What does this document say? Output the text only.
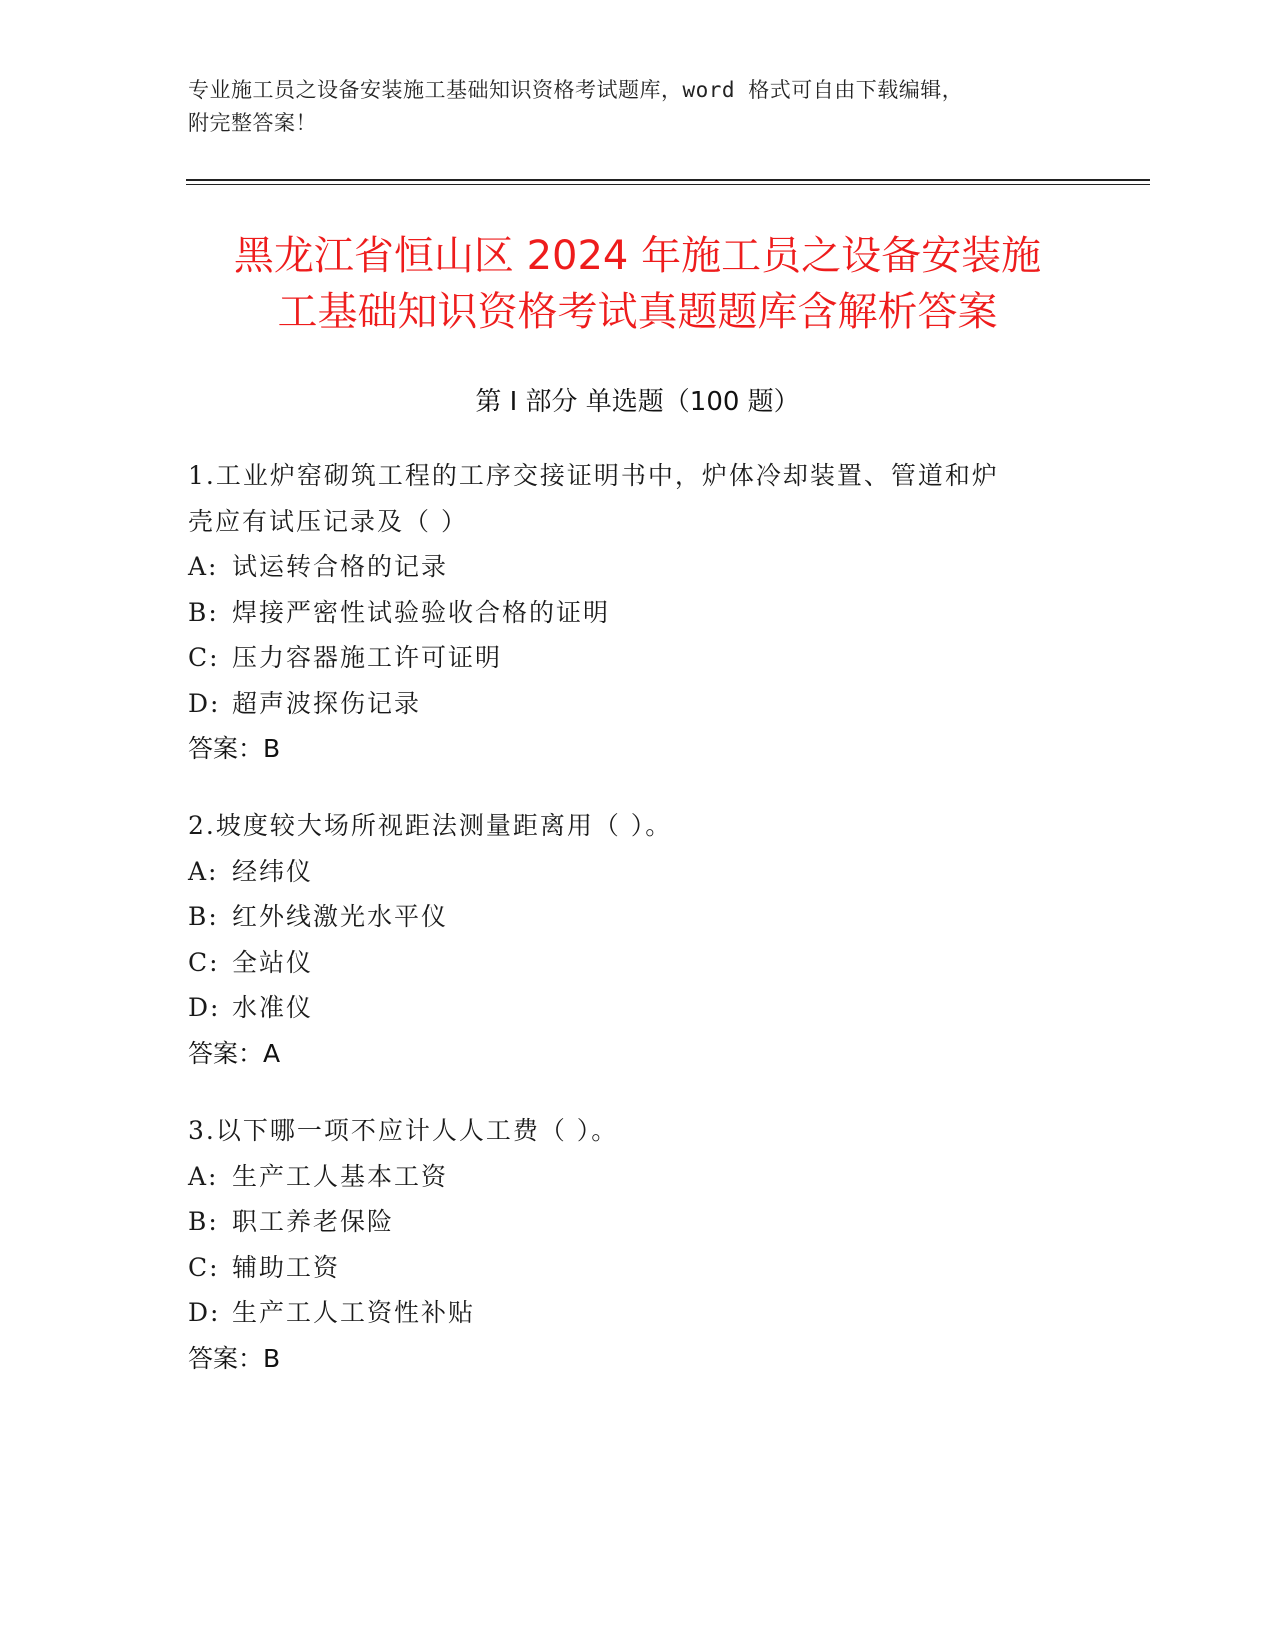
专业施工员之设备安装施工基础知识资格考试题库，word 格式可自由下载编辑，
附完整答案！
黑龙江省恒山区 2024 年施工员之设备安装施
工基础知识资格考试真题题库含解析答案
第 I 部分 单选题（100 题）

1.工业炉窑砌筑工程的工序交接证明书中，炉体冷却装置、管道和炉

壳应有试压记录及（ ）

A: 试运转合格的记录

B: 焊接严密性试验验收合格的证明

C: 压力容器施工许可证明

D: 超声波探伤记录

答案：B

2.坡度较大场所视距法测量距离用（ ）。

A: 经纬仪

B: 红外线激光水平仪

C: 全站仪

D: 水准仪

答案：A

3.以下哪一项不应计人人工费（ ）。

A: 生产工人基本工资

B: 职工养老保险

C: 辅助工资

D: 生产工人工资性补贴

答案：B
